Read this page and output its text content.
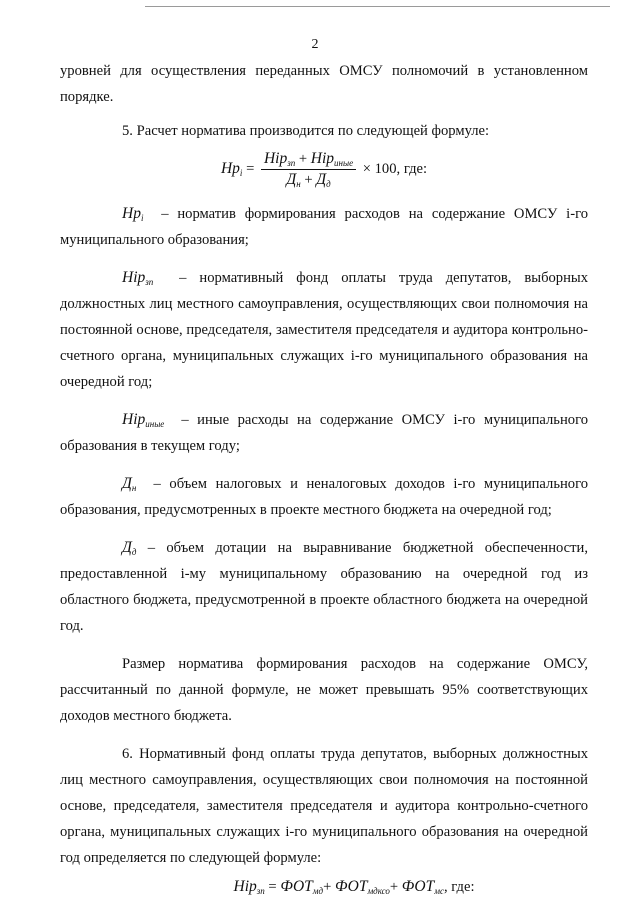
2

уровней для осуществления переданных ОМСУ полномочий в установленном порядке.

5. Расчет норматива производится по следующей формуле:

$Нр_i = \frac{Нір_{зп} + Нір_{иные}}{Д_н + Д_д} \times 100$, где:

$Нр_i$ – норматив формирования расходов на содержание ОМСУ i-го муниципального образования;

Нір$_{зп}$ – нормативный фонд оплаты труда депутатов, выборных должностных лиц местного самоуправления, осуществляющих свои полномочия на постоянной основе, председателя, заместителя председателя и аудитора контрольно-счетного органа, муниципальных служащих i-го муниципального образования на очередной год;

Нір$_{иные}$ – иные расходы на содержание ОМСУ i-го муниципального образования в текущем году;

$Д_н$ – объем налоговых и неналоговых доходов i-го муниципального образования, предусмотренных в проекте местного бюджета на очередной год;

$Д_д$ – объем дотации на выравнивание бюджетной обеспеченности, предоставленной i-му муниципальному образованию на очередной год из областного бюджета, предусмотренной в проекте областного бюджета на очередной год.

Размер норматива формирования расходов на содержание ОМСУ, рассчитанный по данной формуле, не может превышать 95% соответствующих доходов местного бюджета.

6. Нормативный фонд оплаты труда депутатов, выборных должностных лиц местного самоуправления, осуществляющих свои полномочия на постоянной основе, председателя, заместителя председателя и аудитора контрольно-счетного органа, муниципальных служащих i-го муниципального образования на очередной год определяется по следующей формуле:

$Нір_{зп} = ФОТ_{мд}+ ФОТ_{мдксо}+ ФОТ_{мс}$, где:
